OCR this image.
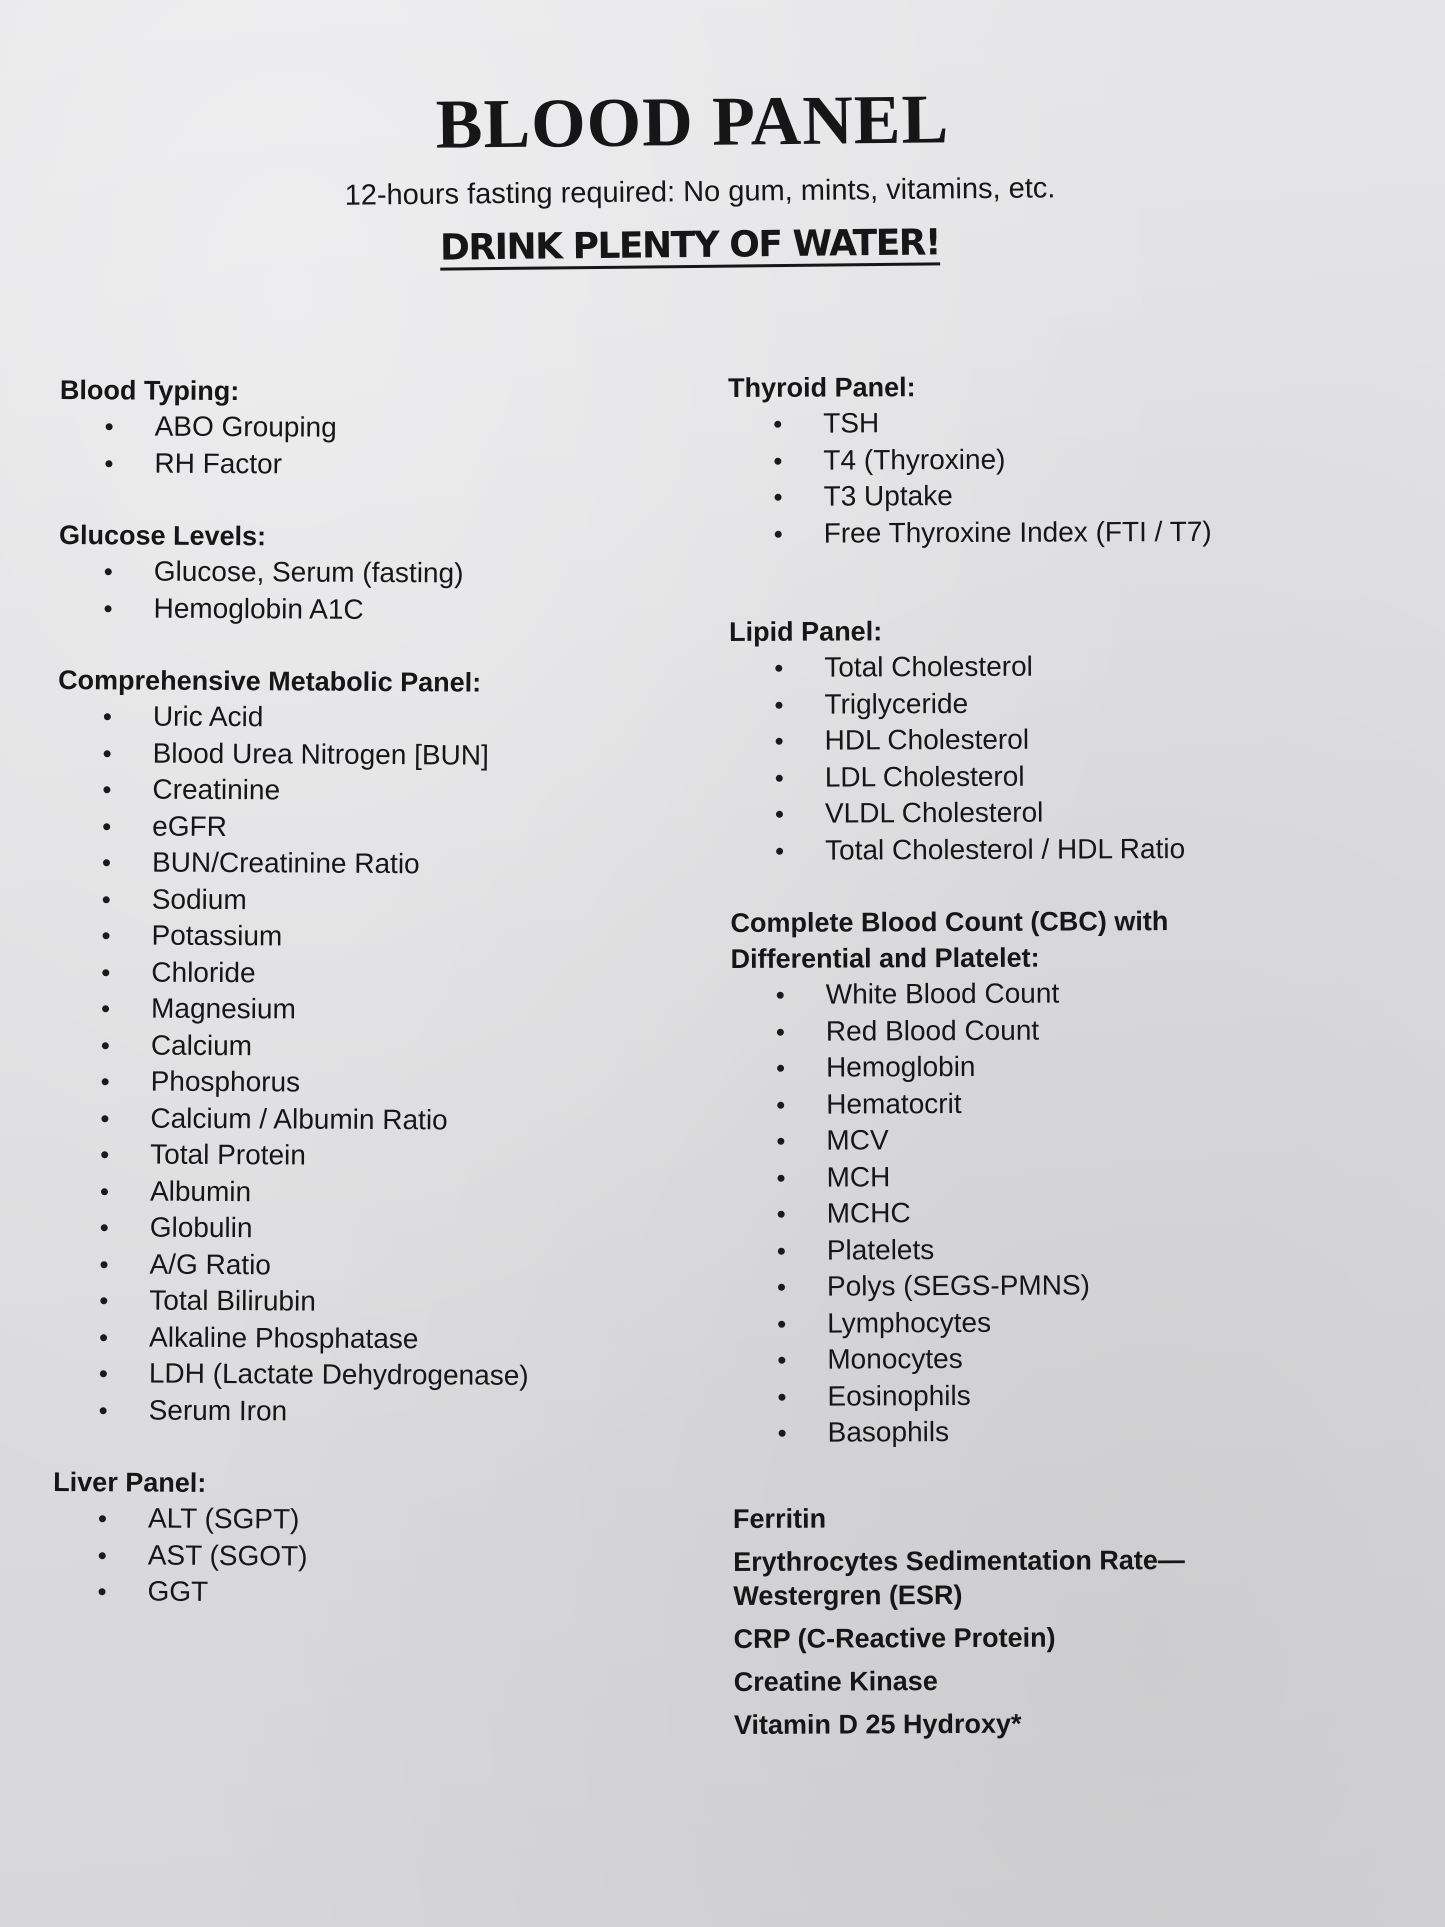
BLOOD PANEL
12-hours fasting required: No gum, mints, vitamins, etc.
DRINK PLENTY OF WATER!

Blood Typing:

ABO Grouping
RH Factor

Glucose Levels:

Glucose, Serum (fasting)
Hemoglobin A1C

Comprehensive Metabolic Panel:

Uric Acid
Blood Urea Nitrogen [BUN]
Creatinine
eGFR
BUN/Creatinine Ratio
Sodium
Potassium
Chloride
Magnesium
Calcium
Phosphorus
Calcium / Albumin Ratio
Total Protein
Albumin
Globulin
A/G Ratio
Total Bilirubin
Alkaline Phosphatase
LDH (Lactate Dehydrogenase)
Serum Iron

Liver Panel:

ALT (SGPT)
AST (SGOT)
GGT

Thyroid Panel:

TSH
T4 (Thyroxine)
T3 Uptake
Free Thyroxine Index (FTI / T7)

Lipid Panel:

Total Cholesterol
Triglyceride
HDL Cholesterol
LDL Cholesterol
VLDL Cholesterol
Total Cholesterol / HDL Ratio

Complete Blood Count (CBC) with

Differential and Platelet:

White Blood Count
Red Blood Count
Hemoglobin
Hematocrit
MCV
MCH
MCHC
Platelets
Polys (SEGS-PMNS)
Lymphocytes
Monocytes
Eosinophils
Basophils

Ferritin

Erythrocytes Sedimentation Rate—

Westergren (ESR)

CRP (C-Reactive Protein)

Creatine Kinase

Vitamin D 25 Hydroxy*
